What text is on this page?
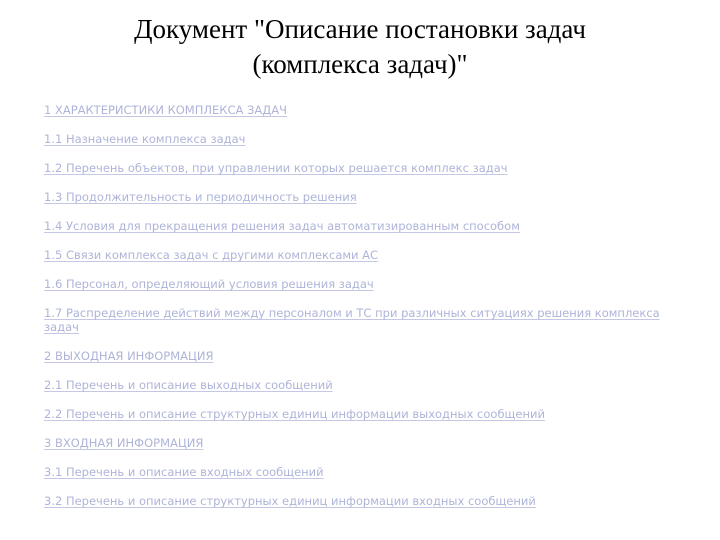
Документ "Описание постановки задач
(комплекса задач)"
1 ХАРАКТЕРИСТИКИ КОМПЛЕКСА ЗАДАЧ
1.1 Назначение комплекса задач
1.2 Перечень объектов, при управлении которых решается комплекс задач
1.3 Продолжительность и периодичность решения
1.4 Условия для прекращения решения задач автоматизированным способом
1.5 Связи комплекса задач с другими комплексами АС
1.6 Персонал, определяющий условия решения задач
1.7 Распределение действий между персоналом и ТС при различных ситуациях решения комплекса задач
2 ВЫХОДНАЯ ИНФОРМАЦИЯ
2.1 Перечень и описание выходных сообщений
2.2 Перечень и описание структурных единиц информации выходных сообщений
3 ВХОДНАЯ ИНФОРМАЦИЯ
3.1 Перечень и описание входных сообщений
3.2 Перечень и описание структурных единиц информации входных сообщений
